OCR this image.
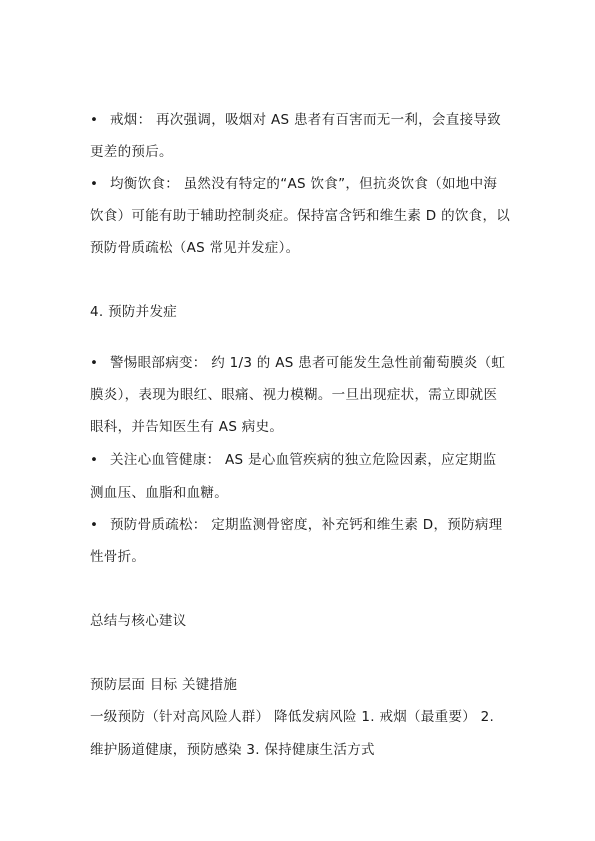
• 戒烟： 再次强调，吸烟对 AS 患者有百害而无一利，会直接导致
更差的预后。
• 均衡饮食： 虽然没有特定的“AS 饮食”，但抗炎饮食（如地中海
饮食）可能有助于辅助控制炎症。保持富含钙和维生素 D 的饮食，以
预防骨质疏松（AS 常见并发症）。
4. 预防并发症
• 警惕眼部病变： 约 1/3 的 AS 患者可能发生急性前葡萄膜炎（虹
膜炎），表现为眼红、眼痛、视力模糊。一旦出现症状，需立即就医
眼科，并告知医生有 AS 病史。
• 关注心血管健康： AS 是心血管疾病的独立危险因素，应定期监
测血压、血脂和血糖。
• 预防骨质疏松： 定期监测骨密度，补充钙和维生素 D，预防病理
性骨折。
总结与核心建议
预防层面 目标 关键措施
一级预防（针对高风险人群） 降低发病风险 1. 戒烟（最重要） 2.
维护肠道健康，预防感染 3. 保持健康生活方式
